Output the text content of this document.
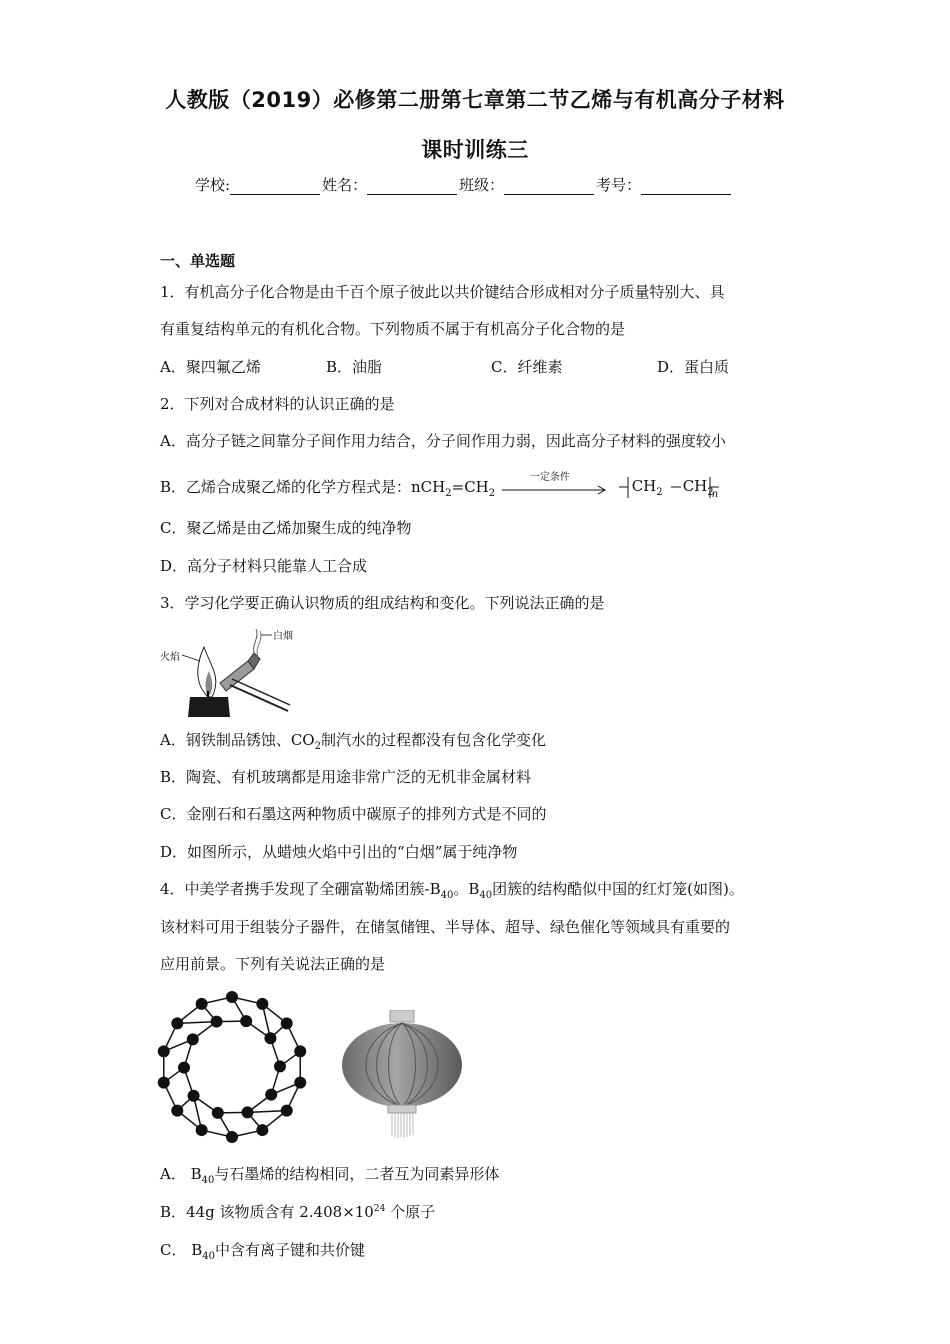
人教版（2019）必修第二册第七章第二节乙烯与有机高分子材料
课时训练三
学校:	姓名：	班级：	考号：
一、单选题
1．有机高分子化合物是由千百个原子彼此以共价键结合形成相对分子质量特别大、具
有重复结构单元的有机化合物。下列物质不属于有机高分子化合物的是
A．聚四氟乙烯	B．油脂	C．纤维素	D．蛋白质
2．下列对合成材料的认识正确的是
A．高分子链之间靠分子间作用力结合，分子间作用力弱，因此高分子材料的强度较小
B．乙烯合成聚乙烯的化学方程式是：$nCH_2=CH_2$
一定条件
	$CH_2$ $CH_2$
n
C．聚乙烯是由乙烯加聚生成的纯净物
D．高分子材料只能靠人工合成
3．学习化学要正确认识物质的组成结构和变化。下列说法正确的是
白烟
火焰
A．钢铁制品锈蚀、$CO_2$制汽水的过程都没有包含化学变化
B．陶瓷、有机玻璃都是用途非常广泛的无机非金属材料
C．金刚石和石墨这两种物质中碳原子的排列方式是不同的
D．如图所示，从蜡烛火焰中引出的“白烟”属于纯净物
4．中美学者携手发现了全硼富勒烯团簇$-B_{40}$。$B_{40}$团簇的结构酷似中国的红灯笼(如图)。
该材料可用于组装分子器件，在储氢储锂、半导体、超导、绿色催化等领域具有重要的
应用前景。下列有关说法正确的是
A． $B_{40}$与石墨烯的结构相同，二者互为同素异形体
B．44g 该物质含有 $2.408\times 10^{24}$ 个原子
C． $B_{40}$中含有离子键和共价键
